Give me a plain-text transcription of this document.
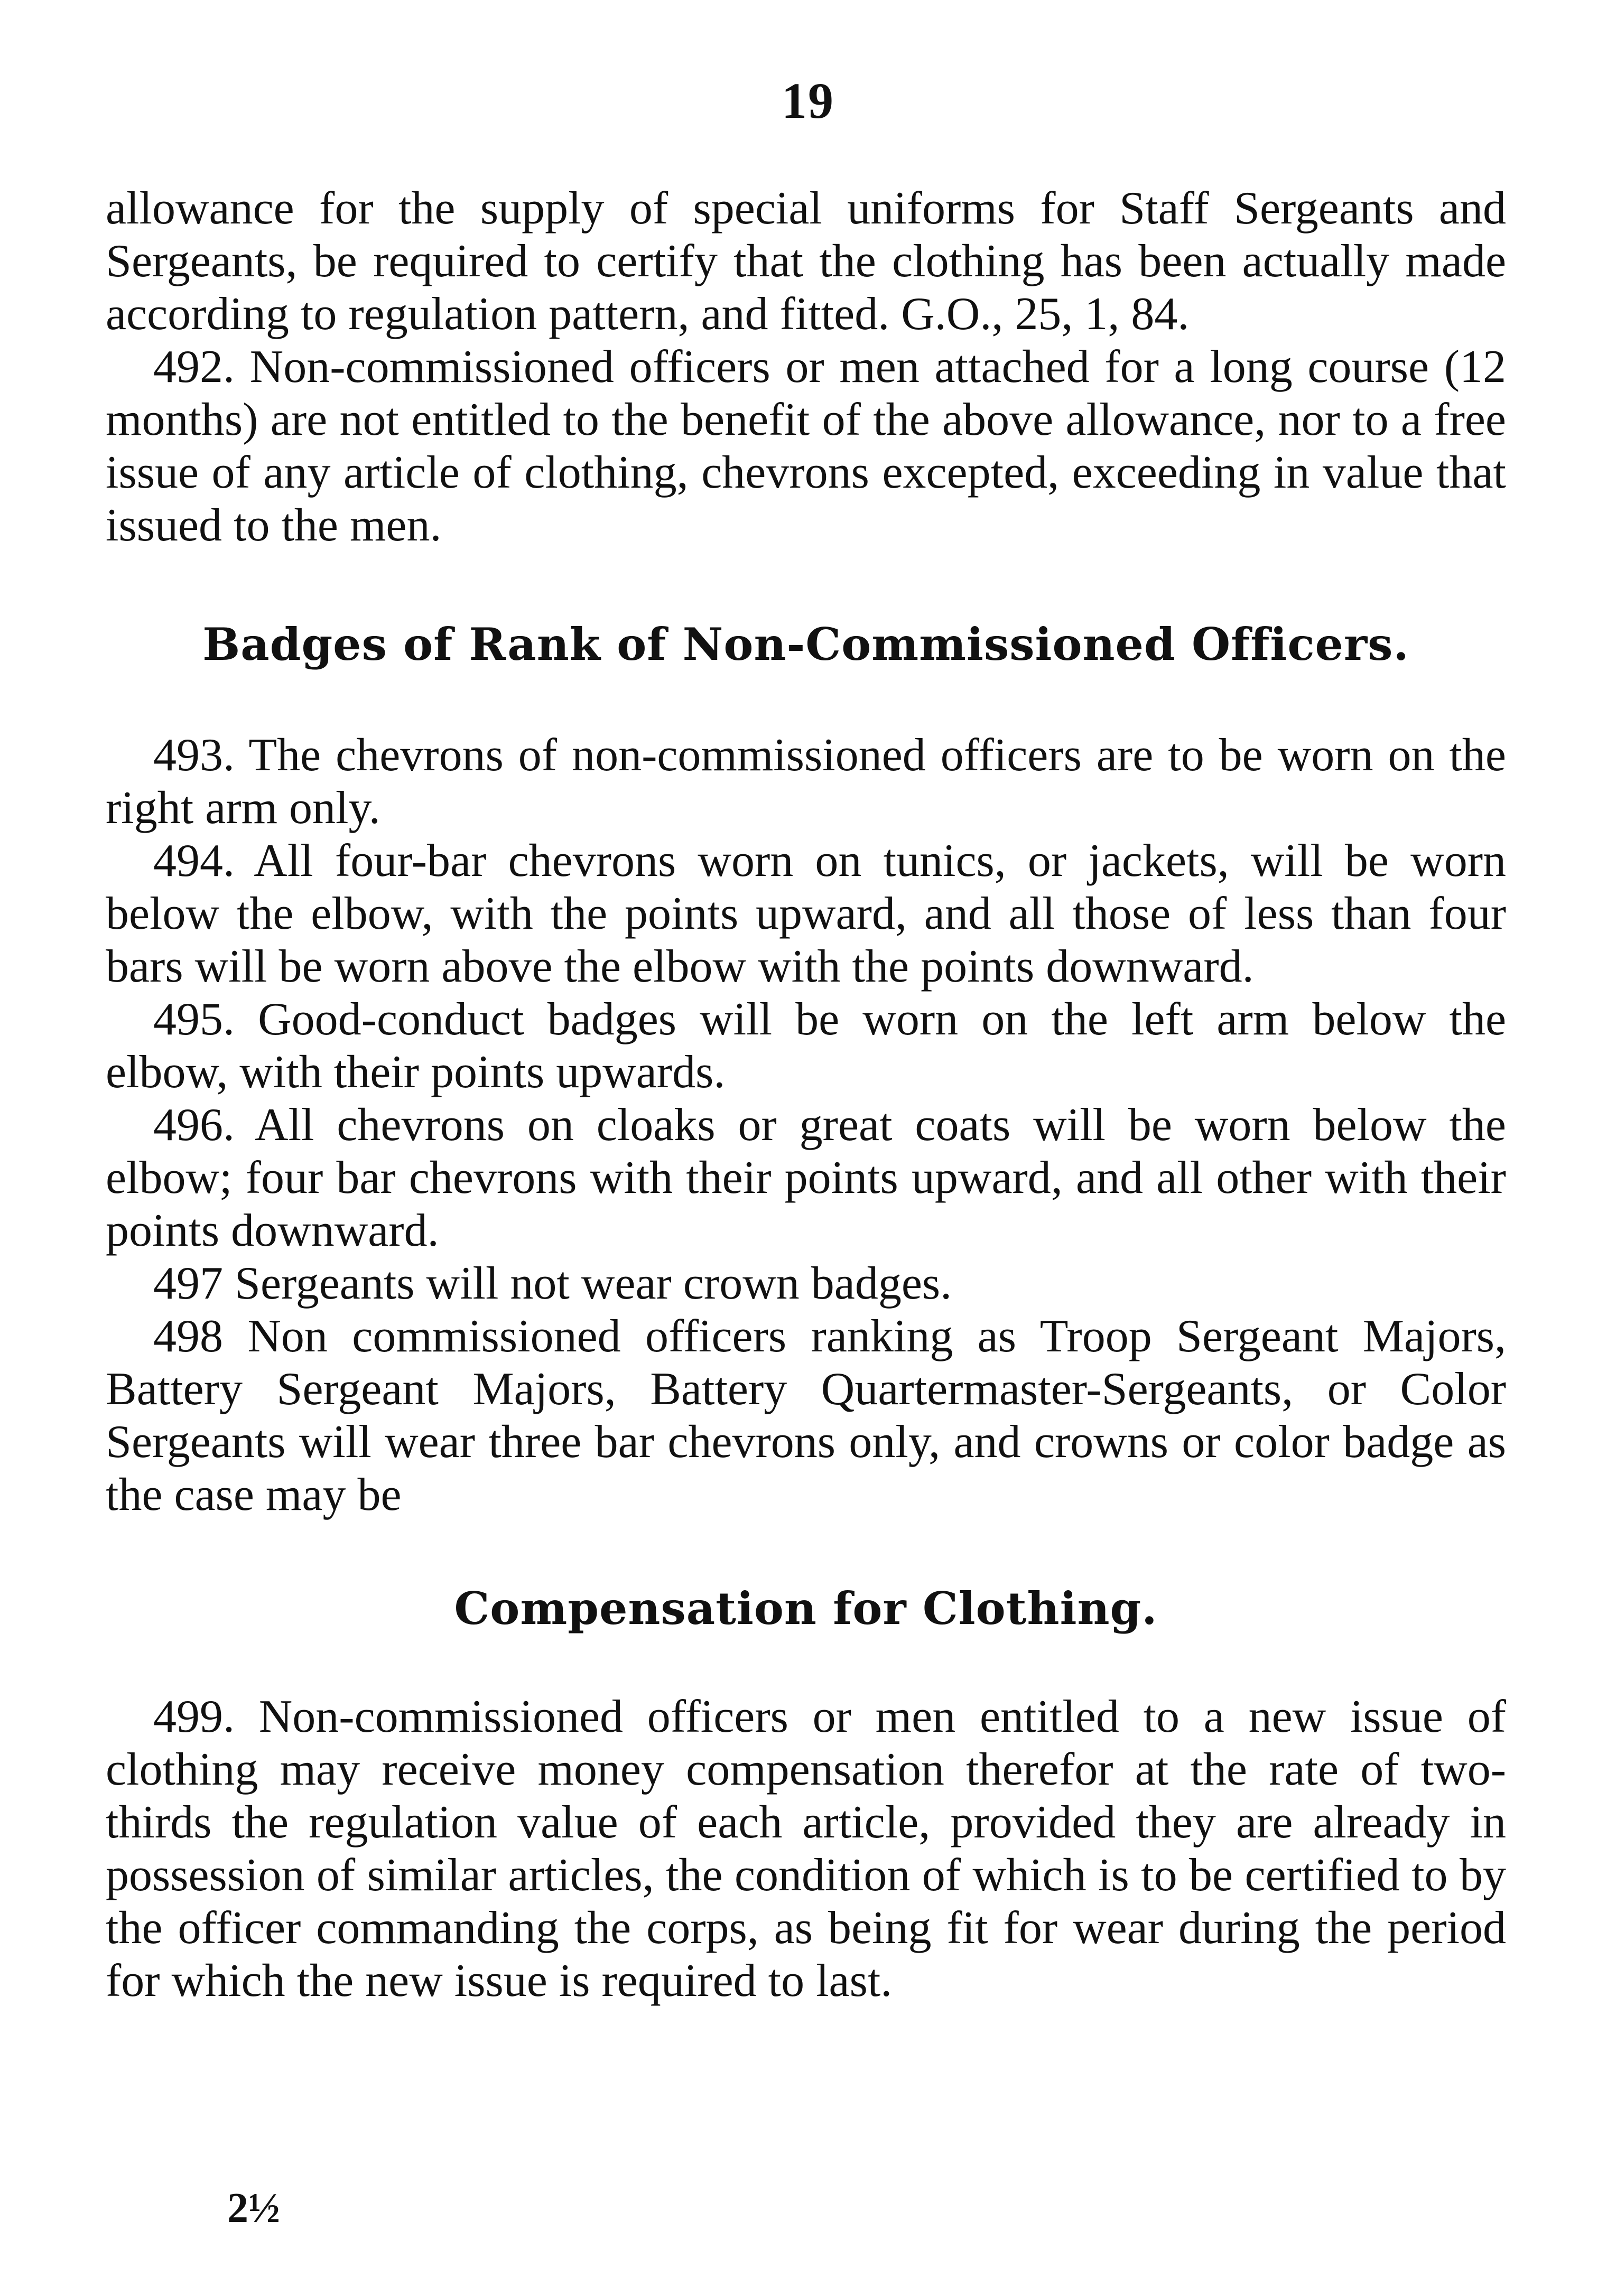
19

allowance for the supply of special uniforms for Staff Sergeants and Sergeants, be required to certify that the clothing has been actually made according to regulation pattern, and fitted. G.O., 25, 1, 84.

492. Non-commissioned officers or men attached for a long course (12 months) are not entitled to the benefit of the above allowance, nor to a free issue of any article of clothing, chevrons excepted, exceeding in value that issued to the men.

Badges of Rank of Non-Commissioned Officers.

493. The chevrons of non-commissioned officers are to be worn on the right arm only.

494. All four-bar chevrons worn on tunics, or jackets, will be worn below the elbow, with the points upward, and all those of less than four bars will be worn above the elbow with the points downward.

495. Good-conduct badges will be worn on the left arm below the elbow, with their points upwards.

496. All chevrons on cloaks or great coats will be worn below the elbow; four bar chevrons with their points upward, and all other with their points downward.

497 Sergeants will not wear crown badges.

498 Non commissioned officers ranking as Troop Sergeant Majors, Battery Sergeant Majors, Battery Quartermaster-Sergeants, or Color Sergeants will wear three bar chevrons only, and crowns or color badge as the case may be

Compensation for Clothing.

499. Non-commissioned officers or men entitled to a new issue of clothing may receive money compensation therefor at the rate of two-thirds the regulation value of each article, provided they are already in possession of similar articles, the condition of which is to be certified to by the officer commanding the corps, as being fit for wear during the period for which the new issue is required to last.

2½
